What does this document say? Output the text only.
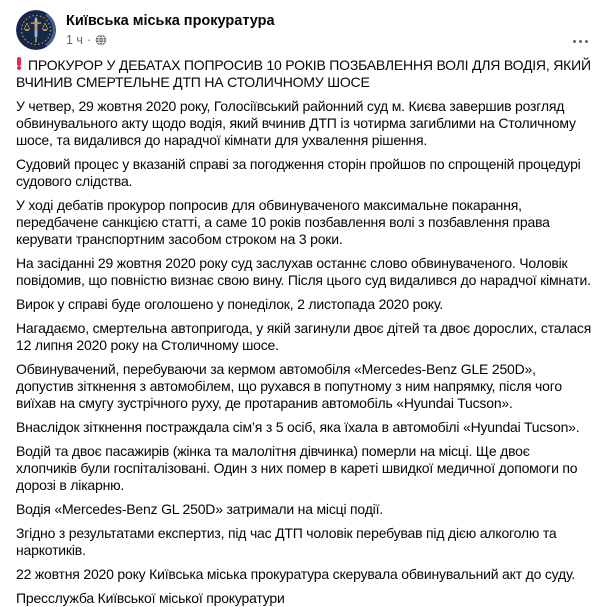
Київська міська прокуратура
1 ч ·
ПРОКУРОР У ДЕБАТАХ ПОПРОСИВ 10 РОКІВ ПОЗБАВЛЕННЯ ВОЛІ ДЛЯ ВОДІЯ, ЯКИЙ ВЧИНИВ СМЕРТЕЛЬНЕ ДТП НА СТОЛИЧНОМУ ШОСЕ

У четвер, 29 жовтня 2020 року, Голосіївський районний суд м. Києва завершив розгляд обвинувального акту щодо водія, який вчинив ДТП із чотирма загиблими на Столичному шосе, та видалився до нарадчої кімнати для ухвалення рішення.

Судовий процес у вказаній справі за погодження сторін пройшов по спрощеній процедурі судового слідства.

У ході дебатів прокурор попросив для обвинуваченого максимальне покарання, передбачене санкцією статті, а саме 10 років позбавлення волі з позбавлення права керувати транспортним засобом строком на 3 роки.

На засіданні 29 жовтня 2020 року суд заслухав останнє слово обвинуваченого. Чоловік повідомив, що повністю визнає свою вину. Після цього суд видалився до нарадчої кімнати.

Вирок у справі буде оголошено у понеділок, 2 листопада 2020 року.

Нагадаємо, смертельна автопригода, у якій загинули двоє дітей та двоє дорослих, сталася 12 липня 2020 року на Столичному шосе.

Обвинувачений, перебуваючи за кермом автомобіля «Mercedes-Benz GLE 250D», допустив зіткнення з автомобілем, що рухався в попутному з ним напрямку, після чого виїхав на смугу зустрічного руху, де протаранив автомобіль «Hyundai Tucson».

Внаслідок зіткнення постраждала сім’я з 5 осіб, яка їхала в автомобілі «Hyundai Tucson».

Водій та двоє пасажирів (жінка та малолітня дівчинка) померли на місці. Ще двоє хлопчиків були госпіталізовані. Один з них помер в кареті швидкої медичної допомоги по дорозі в лікарню.

Водія «Mercedes-Benz GL 250D» затримали на місці події.

Згідно з результатами експертиз, під час ДТП чоловік перебував під дією алкоголю та наркотиків.

22 жовтня 2020 року Київська міська прокуратура скерувала обвинувальний акт до суду.

Пресслужба Київської міської прокуратури
